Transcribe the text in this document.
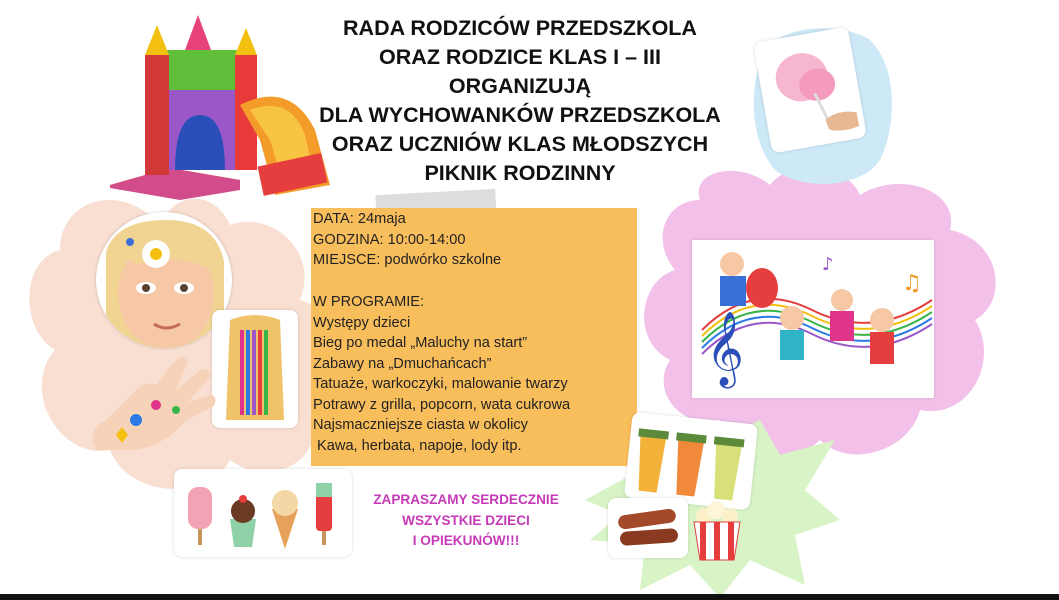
RADA RODZICÓW PRZEDSZKOLA
ORAZ RODZICE KLAS I – III
ORGANIZUJĄ
DLA WYCHOWANKÓW PRZEDSZKOLA
ORAZ UCZNIÓW KLAS MŁODSZYCH
PIKNIK RODZINNY
DATA: 24maja
GODZINA: 10:00-14:00
MIEJSCE: podwórko szkolne
W PROGRAMIE:
Występy dzieci
Bieg po medal „Maluchy na start”
Zabawy na „Dmuchańcach”
Tatuaże, warkoczyki, malowanie twarzy
Potrawy z grilla, popcorn, wata cukrowa
Najsmaczniejsze ciasta w okolicy
Kawa, herbata, napoje, lody itp.
𝄞
♫
♪
ZAPRASZAMY SERDECZNIE
WSZYSTKIE DZIECI
I OPIEKUNÓW!!!
